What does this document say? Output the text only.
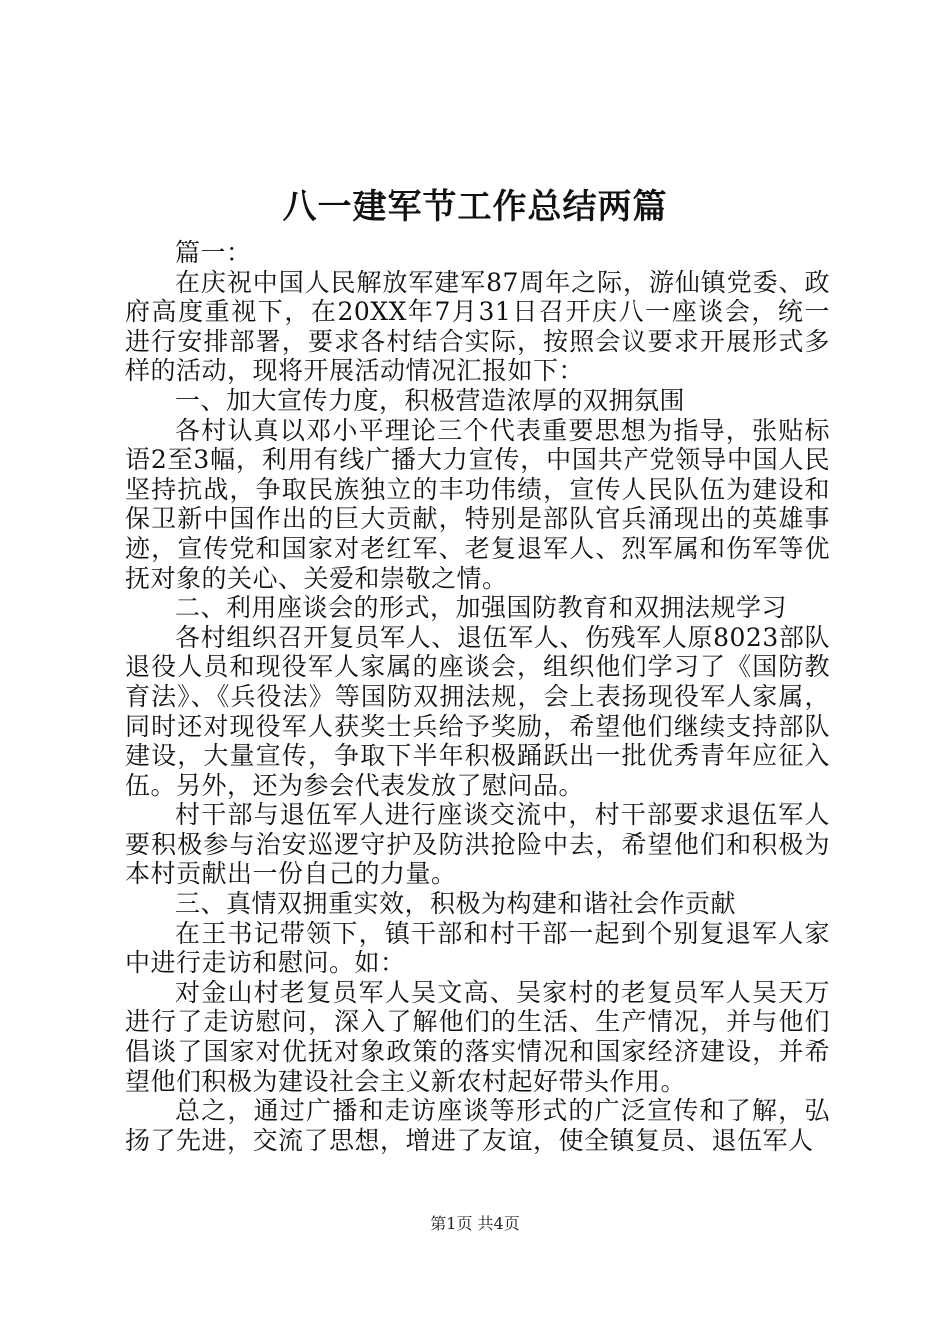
八一建军节工作总结两篇

篇一：

在庆祝中国人民解放军建军87周年之际，游仙镇党委、政府高度重视下，在20XX年7月31日召开庆八一座谈会，统一进行安排部署，要求各村结合实际，按照会议要求开展形式多样的活动，现将开展活动情况汇报如下：

一、加大宣传力度，积极营造浓厚的双拥氛围

各村认真以邓小平理论三个代表重要思想为指导，张贴标语2至3幅，利用有线广播大力宣传，中国共产党领导中国人民坚持抗战，争取民族独立的丰功伟绩，宣传人民队伍为建设和保卫新中国作出的巨大贡献，特别是部队官兵涌现出的英雄事迹，宣传党和国家对老红军、老复退军人、烈军属和伤军等优抚对象的关心、关爱和崇敬之情。

二、利用座谈会的形式，加强国防教育和双拥法规学习

各村组织召开复员军人、退伍军人、伤残军人原8023部队退役人员和现役军人家属的座谈会，组织他们学习了《国防教育法》、《兵役法》等国防双拥法规，会上表扬现役军人家属，同时还对现役军人获奖士兵给予奖励，希望他们继续支持部队建设，大量宣传，争取下半年积极踊跃出一批优秀青年应征入伍。另外，还为参会代表发放了慰问品。

村干部与退伍军人进行座谈交流中，村干部要求退伍军人要积极参与治安巡逻守护及防洪抢险中去，希望他们和积极为本村贡献出一份自己的力量。

三、真情双拥重实效，积极为构建和谐社会作贡献

在王书记带领下，镇干部和村干部一起到个别复退军人家中进行走访和慰问。如：

对金山村老复员军人吴文高、吴家村的老复员军人吴天万进行了走访慰问，深入了解他们的生活、生产情况，并与他们倡谈了国家对优抚对象政策的落实情况和国家经济建设，并希望他们积极为建设社会主义新农村起好带头作用。

总之，通过广播和走访座谈等形式的广泛宣传和了解，弘扬了先进，交流了思想，增进了友谊，使全镇复员、退伍军人

第1页 共4页
